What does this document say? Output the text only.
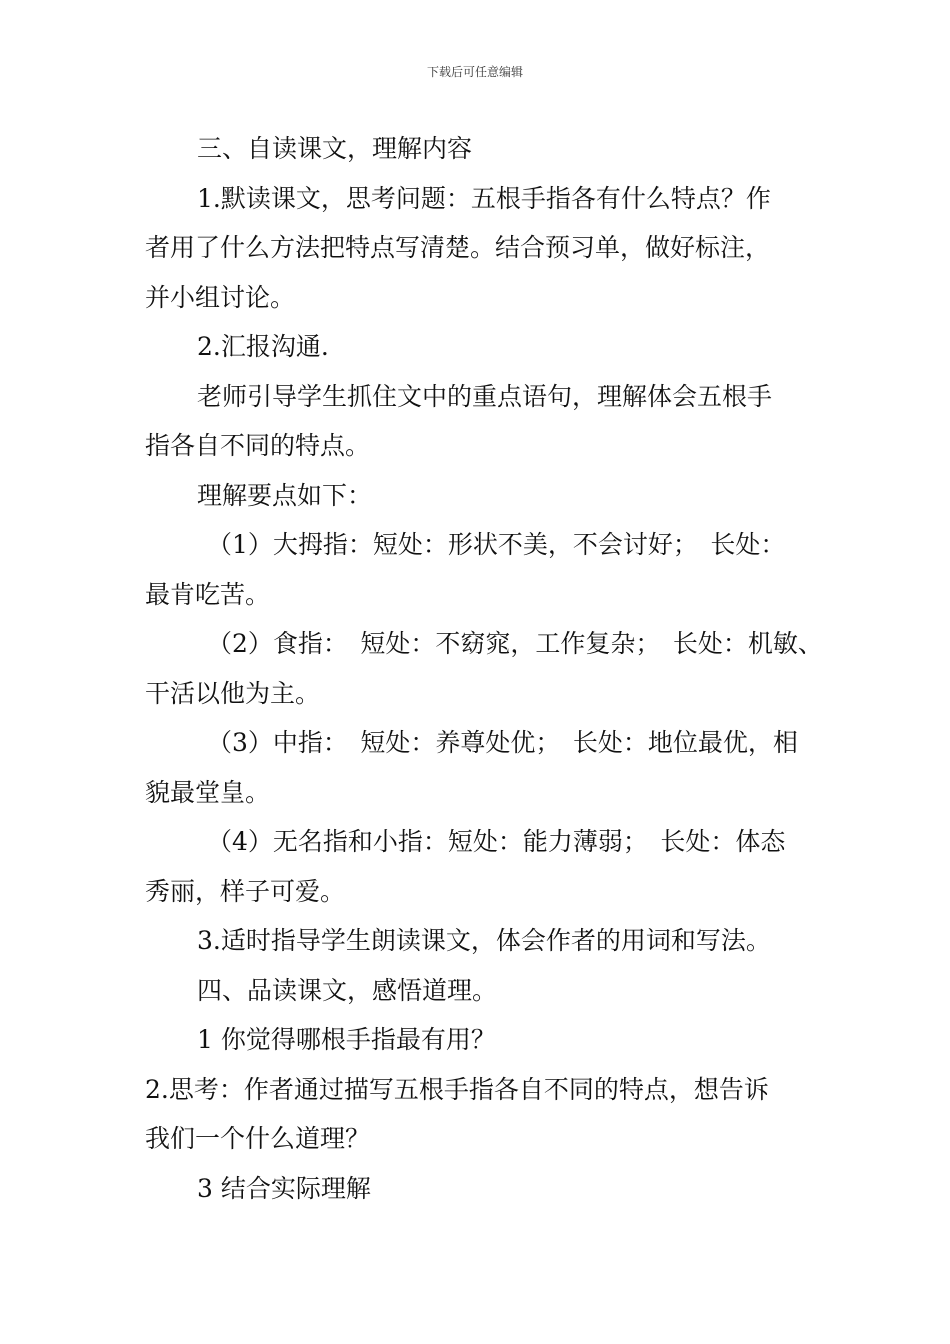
下载后可任意编辑

三、自读课文，理解内容

1.默读课文，思考问题：五根手指各有什么特点？作

者用了什么方法把特点写清楚。结合预习单，做好标注，

并小组讨论。

2.汇报沟通.

老师引导学生抓住文中的重点语句，理解体会五根手

指各自不同的特点。

理解要点如下：

（1）大拇指：短处：形状不美，不会讨好；　长处：

最肯吃苦。

（2）食指：　短处：不窈窕，工作复杂；　长处：机敏、

干活以他为主。

（3）中指：　短处：养尊处优；　长处：地位最优，相

貌最堂皇。

（4）无名指和小指：短处：能力薄弱；　长处：体态

秀丽，样子可爱。

3.适时指导学生朗读课文，体会作者的用词和写法。

四、品读课文，感悟道理。

1 你觉得哪根手指最有用？

2.思考：作者通过描写五根手指各自不同的特点，想告诉

我们一个什么道理？

3 结合实际理解
